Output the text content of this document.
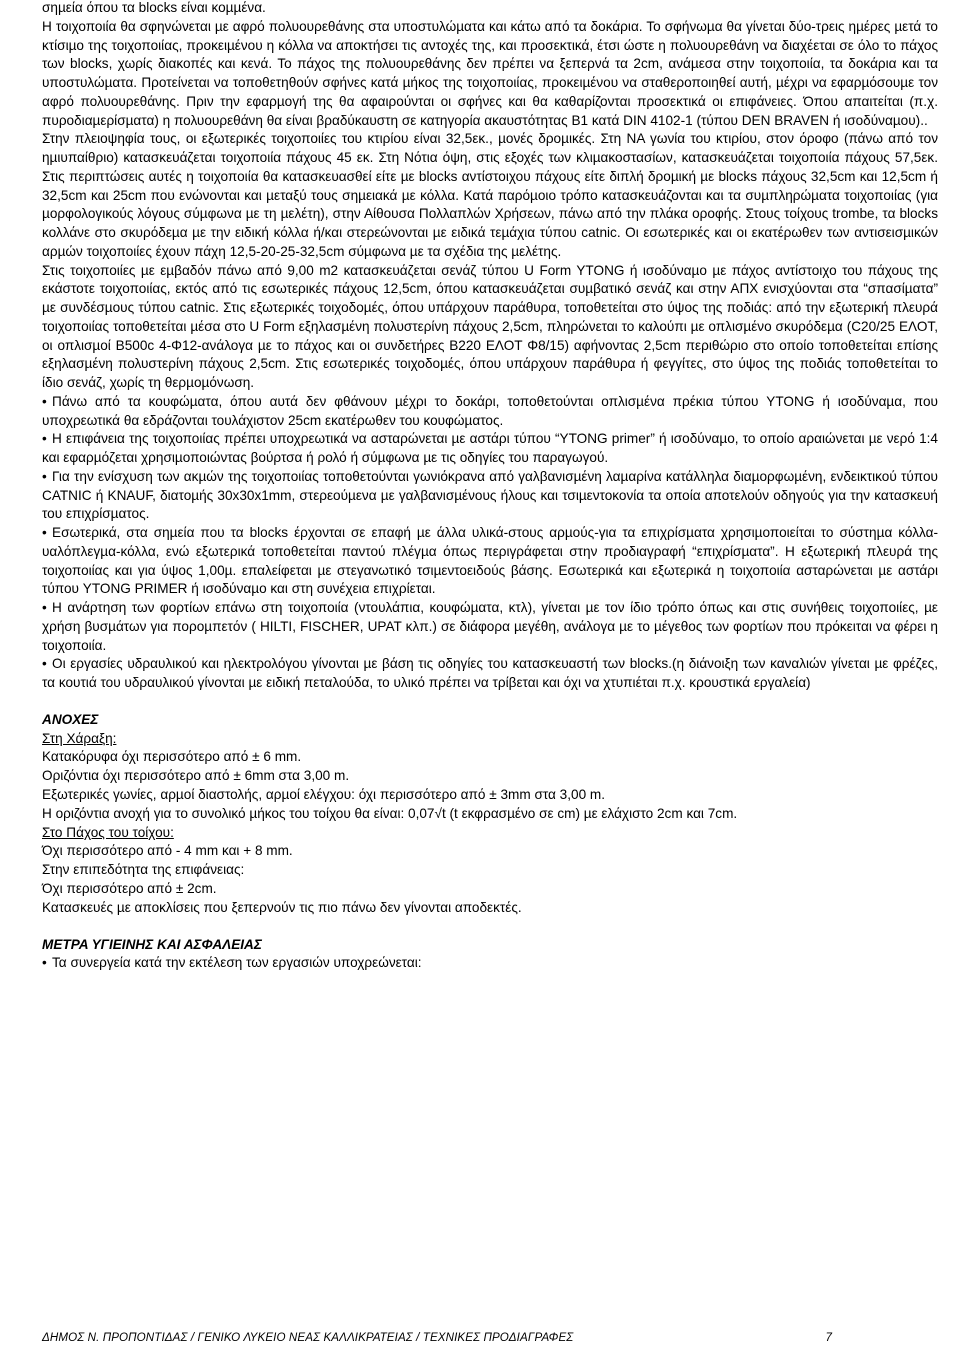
σηµεία όπου τα blocks είναι κοµµένα.

Η τοιχοποιία θα σφηνώνεται µε αφρό πολυουρεθάνης στα υποστυλώµατα και κάτω από τα δοκάρια. Το σφήνωµα θα γίνεται δύο-τρεις ηµέρες µετά το κτίσιµο της τοιχοποιίας, προκειµένου η κόλλα να αποκτήσει τις αντοχές της, και προσεκτικά, έτσι ώστε η πολυουρεθάνη να διαχέεται σε όλο το πάχος των blocks, χωρίς διακοπές και κενά. Το πάχος της πολυουρεθάνης δεν πρέπει να ξεπερνά τα 2cm, ανάµεσα στην τοιχοποιία, τα δοκάρια και τα υποστυλώµατα. Προτείνεται να τοποθετηθούν σφήνες κατά µήκος της τοιχοποιίας, προκειµένου να σταθεροποιηθεί αυτή, µέχρι να εφαρµόσουµε τον αφρό πολυουρεθάνης. Πριν την εφαρµογή της θα αφαιρούνται οι σφήνες και θα καθαρίζονται προσεκτικά οι επιφάνειες. Όπου απαιτείται (π.χ. πυροδιαµερίσµατα) η πολυουρεθάνη θα είναι βραδύκαυστη σε κατηγορία ακαυστότητας Β1 κατά DIN 4102-1 (τύπου DEN BRAVEN ή ισοδύναµου)..

Στην πλειοψηφία τους, οι εξωτερικές τοιχοποιίες του κτιρίου είναι 32,5εκ., µονές δροµικές. Στη ΝΑ γωνία του κτιρίου, στον όροφο (πάνω από τον ηµιυπαίθριο) κατασκευάζεται τοιχοποιία πάχους 45 εκ. Στη Νότια όψη, στις εξοχές των κλιµακοστασίων, κατασκευάζεται τοιχοποιία πάχους 57,5εκ. Στις περιπτώσεις αυτές η τοιχοποιία θα κατασκευασθεί είτε µε blocks αντίστοιχου πάχους είτε διπλή δροµική µε blocks πάχους 32,5cm και 12,5cm ή 32,5cm και 25cm που ενώνονται και µεταξύ τους σηµειακά µε κόλλα. Κατά παρόµοιο τρόπο κατασκευάζονται και τα συµπληρώµατα τοιχοποιίας (για µορφολογικούς λόγους σύµφωνα µε τη µελέτη), στην Αίθουσα Πολλαπλών Χρήσεων, πάνω από την πλάκα οροφής. Στους τοίχους trombe, τα blocks κολλάνε στο σκυρόδεµα µε την ειδική κόλλα ή/και στερεώνονται µε ειδικά τεµάχια τύπου catnic. Οι εσωτερικές και οι εκατέρωθεν των αντισεισµικών αρµών τοιχοποιίες έχουν πάχη 12,5-20-25-32,5cm σύµφωνα µε τα σχέδια της µελέτης.

Στις τοιχοποιίες µε εµβαδόν πάνω από 9,00 m2 κατασκευάζεται σενάζ τύπου U Form YTONG ή ισοδύναµο µε πάχος αντίστοιχο του πάχους της εκάστοτε τοιχοποιίας, εκτός από τις εσωτερικές πάχους 12,5cm, όπου κατασκευάζεται συµβατικό σενάζ και στην ΑΠΧ ενισχύονται στα “σπασίµατα” µε συνδέσµους τύπου catnic. Στις εξωτερικές τοιχοδοµές, όπου υπάρχουν παράθυρα, τοποθετείται στο ύψος της ποδιάς: από την εξωτερική πλευρά τοιχοποιίας τοποθετείται µέσα στο U Form εξηλασµένη πολυστερίνη πάχους 2,5cm, πληρώνεται το καλούπι µε οπλισµένο σκυρόδεµα (C20/25 ΕΛΟΤ, οι οπλισµοί Β500c 4-Φ12-ανάλογα µε το πάχος και οι συνδετήρες Β220 ΕΛΟΤ Φ8/15) αφήνοντας 2,5cm περιθώριο στο οποίο τοποθετείται επίσης εξηλασµένη πολυστερίνη πάχους 2,5cm. Στις εσωτερικές τοιχοδοµές, όπου υπάρχουν παράθυρα ή φεγγίτες, στο ύψος της ποδιάς τοποθετείται το ίδιο σενάζ, χωρίς τη θερµοµόνωση.

• Πάνω από τα κουφώµατα, όπου αυτά δεν φθάνουν µέχρι το δοκάρι, τοποθετούνται οπλισµένα πρέκια τύπου YTONG ή ισοδύναµα, που υποχρεωτικά θα εδράζονται τουλάχιστον 25cm εκατέρωθεν του κουφώµατος.

• Η επιφάνεια της τοιχοποιίας πρέπει υποχρεωτικά να ασταρώνεται µε αστάρι τύπου “YTONG primer” ή ισοδύναµο, το οποίο αραιώνεται µε νερό 1:4 και εφαρµόζεται χρησιµοποιώντας βούρτσα ή ρολό ή σύµφωνα µε τις οδηγίες του παραγωγού.

• Για την ενίσχυση των ακµών της τοιχοποιίας τοποθετούνται γωνιόκρανα από γαλβανισµένη λαµαρίνα κατάλληλα διαµορφωµένη, ενδεικτικού τύπου CATNIC ή KNAUF, διατοµής 30x30x1mm, στερεούµενα µε γαλβανισµένους ήλους και τσιµεντοκονία τα οποία αποτελούν οδηγούς για την κατασκευή του επιχρίσµατος.

• Εσωτερικά, στα σηµεία που τα blocks έρχονται σε επαφή µε άλλα υλικά-στους αρµούς-για τα επιχρίσµατα χρησιµοποιείται το σύστηµα κόλλα-υαλόπλεγµα-κόλλα, ενώ εξωτερικά τοποθετείται παντού πλέγµα όπως περιγράφεται στην προδιαγραφή “επιχρίσµατα”. Η εξωτερική πλευρά της τοιχοποιίας και για ύψος 1,00µ. επαλείφεται µε στεγανωτικό τσιµεντοειδούς βάσης. Εσωτερικά και εξωτερικά η τοιχοποιία ασταρώνεται µε αστάρι τύπου YTONG PRIMER ή ισοδύναµο και στη συνέχεια επιχρίεται.

• Η ανάρτηση των φορτίων επάνω στη τοιχοποιία (ντουλάπια, κουφώµατα, κτλ), γίνεται µε τον ίδιο τρόπο όπως και στις συνήθεις τοιχοποιίες, µε χρήση βυσµάτων για ποροµπετόν ( HILTI, FISCHER, UPAT κλπ.) σε διάφορα µεγέθη, ανάλογα µε το µέγεθος των φορτίων που πρόκειται να φέρει η τοιχοποιία.

• Οι εργασίες υδραυλικού και ηλεκτρολόγου γίνονται µε βάση τις οδηγίες του κατασκευαστή των blocks.(η διάνοιξη των καναλιών γίνεται µε φρέζες, τα κουτιά του υδραυλικού γίνονται µε ειδική πεταλούδα, το υλικό πρέπει να τρίβεται και όχι να χτυπιέται π.χ. κρουστικά εργαλεία)

ΑΝΟΧΕΣ

Στη Χάραξη:

Κατακόρυφα όχι περισσότερο από ± 6 mm.

Οριζόντια όχι περισσότερο από ± 6mm στα 3,00 m.

Εξωτερικές γωνίες, αρµοί διαστολής, αρµοί ελέγχου: όχι περισσότερο από ± 3mm στα 3,00 m.

Η οριζόντια ανοχή για το συνολικό µήκος του τοίχου θα είναι: 0,07√t (t εκφρασµένο σε cm) µε ελάχιστο 2cm και 7cm.

Στο Πάχος του τοίχου:

Όχι περισσότερο από - 4 mm και + 8 mm.

Στην επιπεδότητα της επιφάνειας:

Όχι περισσότερο από ± 2cm.

Κατασκευές µε αποκλίσεις που ξεπερνούν τις πιο πάνω δεν γίνονται αποδεκτές.

ΜΕΤΡΑ ΥΓΙΕΙΝΗΣ ΚΑΙ ΑΣΦΑΛΕΙΑΣ

• Τα συνεργεία κατά την εκτέλεση των εργασιών υποχρεώνεται:

ΔΗΜΟΣ Ν. ΠΡΟΠΟΝΤΙΔΑΣ / ΓΕΝΙΚΟ ΛΥΚΕΙΟ ΝΕΑΣ ΚΑΛΛΙΚΡΑΤΕΙΑΣ / ΤΕΧΝΙΚΕΣ ΠΡΟΔΙΑΓΡΑΦΕΣ	7
